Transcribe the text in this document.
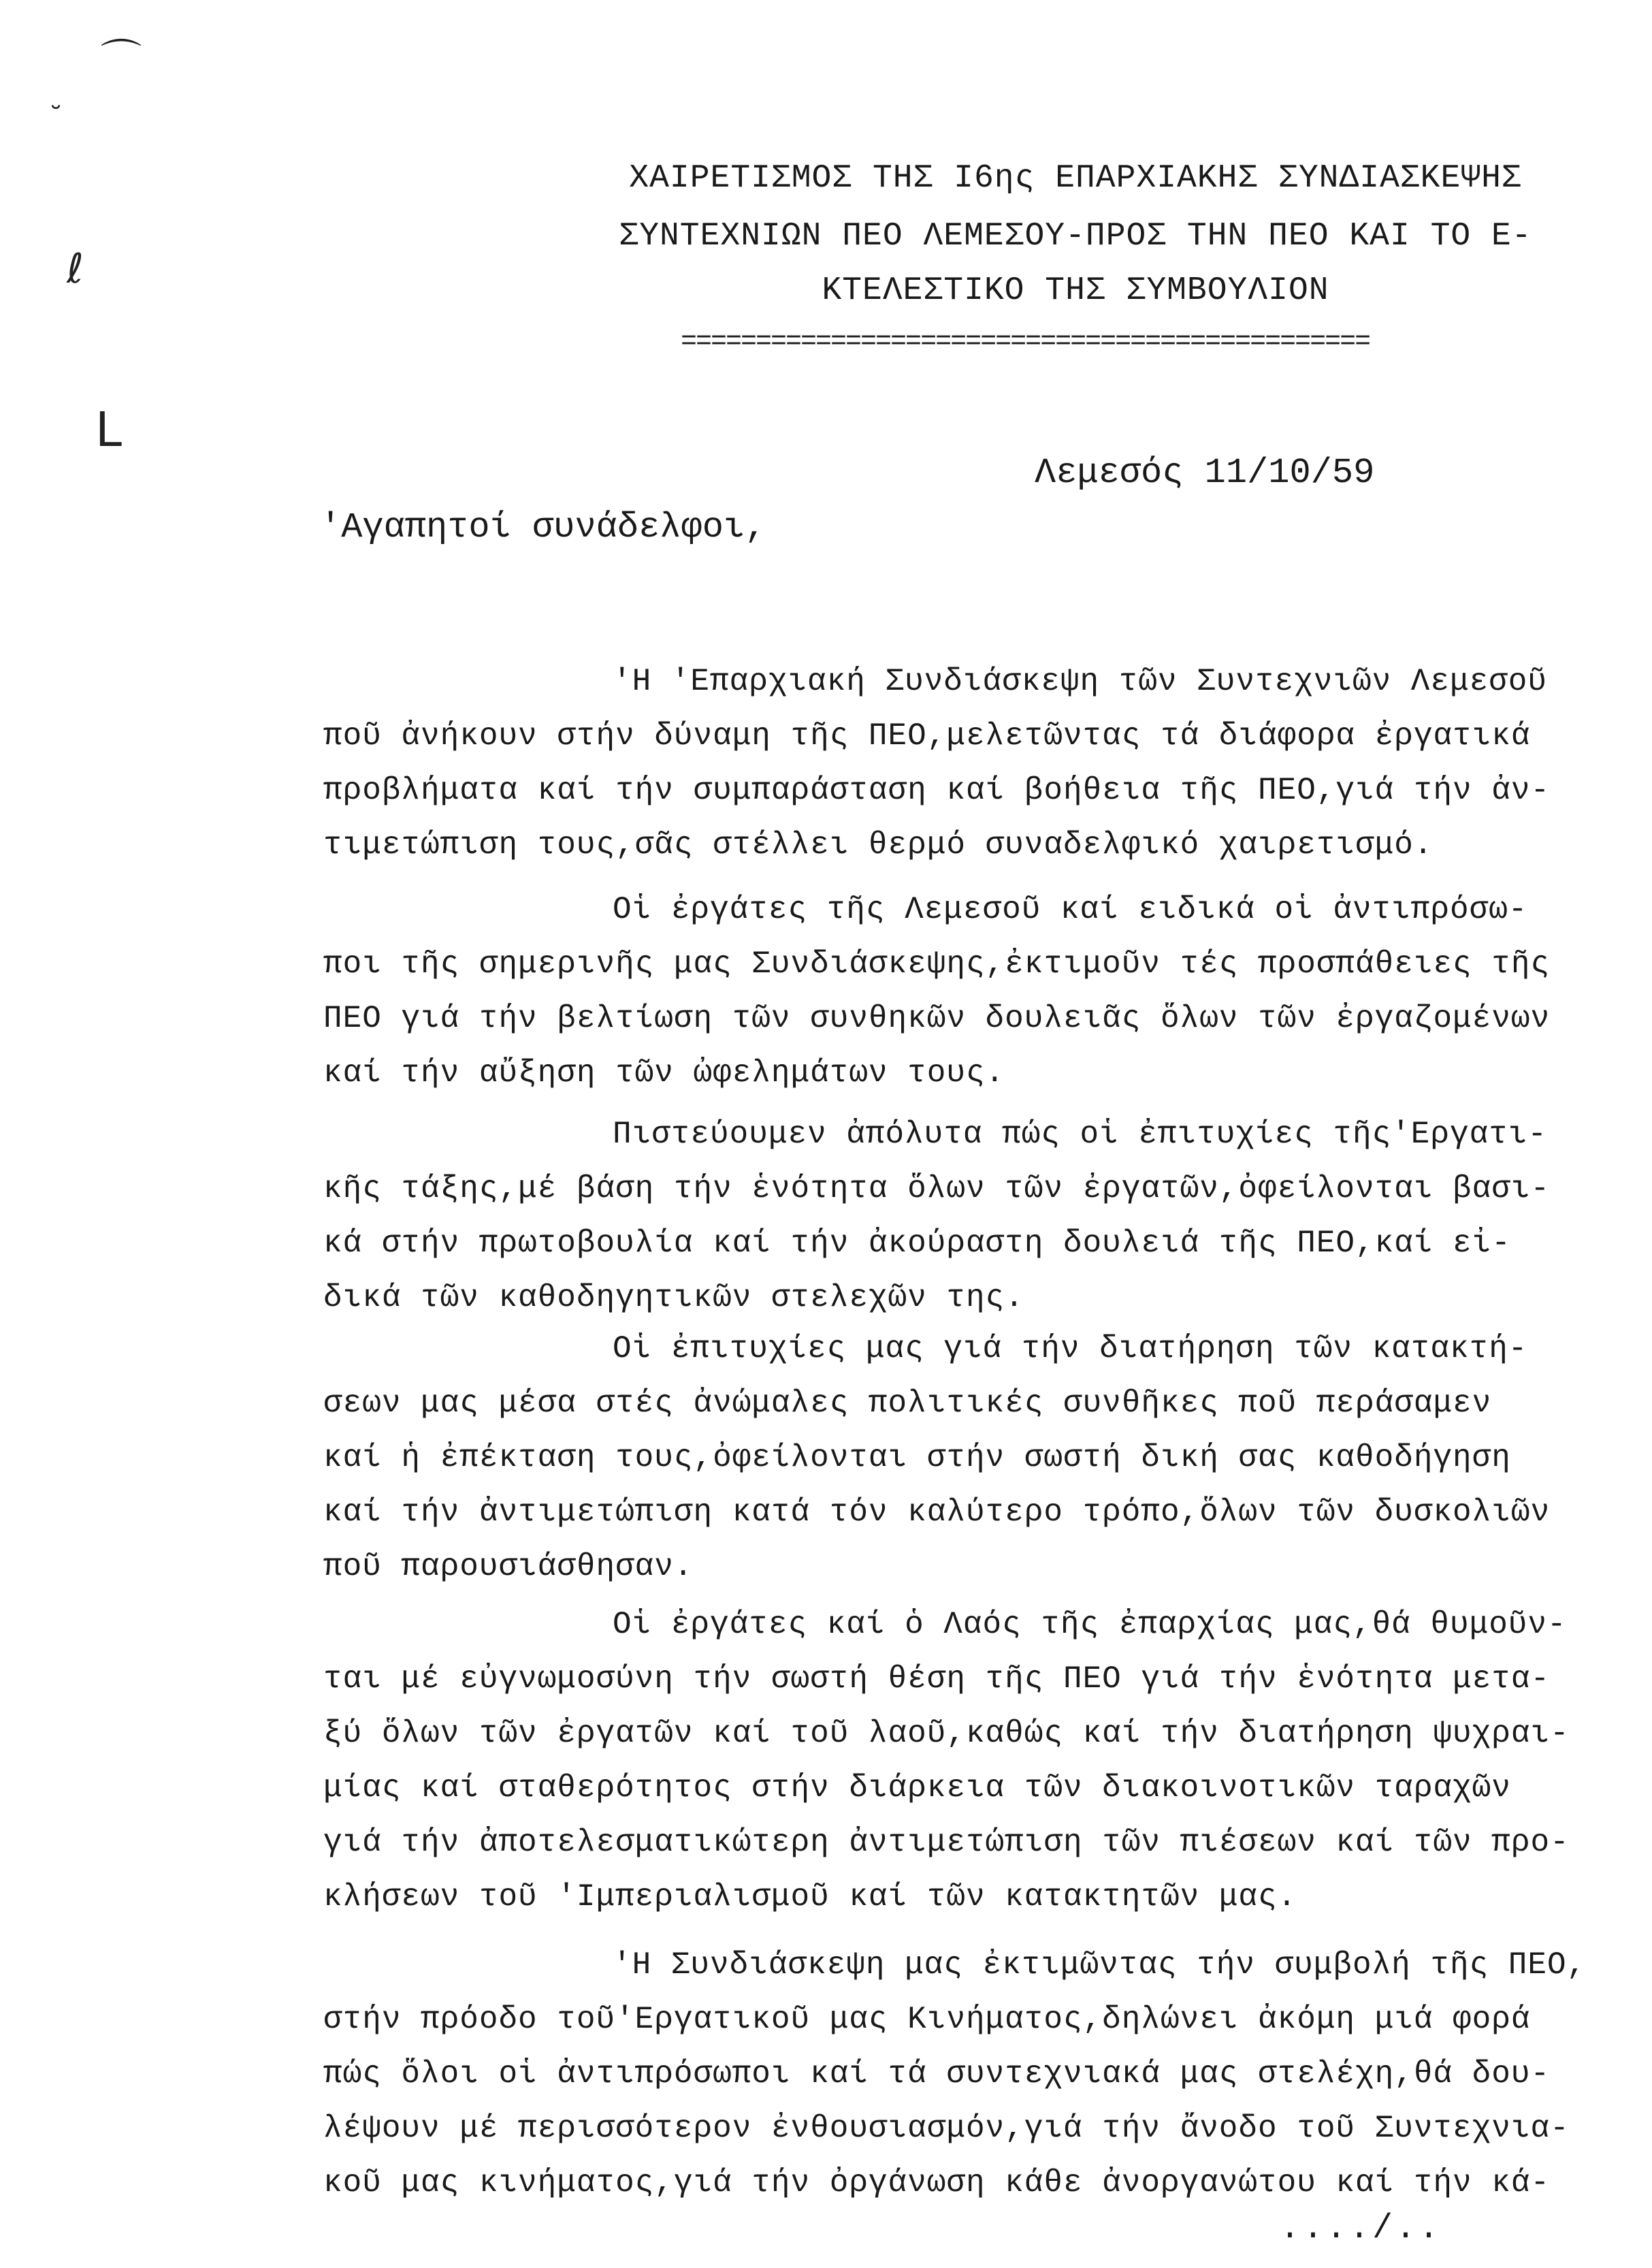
⌒
˘
ℓ
ᒪ
ΧΑΙΡΕΤΙΣΜΟΣ ΤΗΣ Ι6ης ΕΠΑΡΧΙΑΚΗΣ ΣΥΝΔΙΑΣΚΕΨΗΣ
ΣΥΝΤΕΧΝΙΩΝ ΠΕΟ ΛΕΜΕΣΟΥ-ΠΡΟΣ ΤΗΝ ΠΕΟ ΚΑΙ ΤΟ Ε-
ΚΤΕΛΕΣΤΙΚΟ ΤΗΣ ΣΥΜΒΟΥΛΙΟΝ
==============================================
Λεμεσός 11/10/59
'Αγαπητοί συνάδελφοι,
'Η 'Επαρχιακή Συνδιάσκεψη τῶν Συντεχνιῶν Λεμεσοῦ
ποῦ ἀνήκουν στήν δύναμη τῆς ΠΕΟ,μελετῶντας τά διάφορα ἐργατικά
προβλήματα καί τήν συμπαράσταση καί βοήθεια τῆς ΠΕΟ,γιά τήν ἀν-
τιμετώπιση τους,σᾶς στέλλει θερμό συναδελφικό χαιρετισμό.
Οἱ ἐργάτες τῆς Λεμεσοῦ καί ειδικά οἱ ἀντιπρόσω-
ποι τῆς σημερινῆς μας Συνδιάσκεψης,ἐκτιμοῦν τές προσπάθειες τῆς
ΠΕΟ γιά τήν βελτίωση τῶν συνθηκῶν δουλειᾶς ὅλων τῶν ἐργαζομένων
καί τήν αὔξηση τῶν ὠφελημάτων τους.
Πιστεύουμεν ἀπόλυτα πώς οἱ ἐπιτυχίες τῆς'Εργατι-
κῆς τάξης,μέ βάση τήν ἑνότητα ὅλων τῶν ἐργατῶν,ὀφείλονται βασι-
κά στήν πρωτοβουλία καί τήν ἀκούραστη δουλειά τῆς ΠΕΟ,καί εἰ-
δικά τῶν καθοδηγητικῶν στελεχῶν της.
Οἱ ἐπιτυχίες μας γιά τήν διατήρηση τῶν κατακτή-
σεων μας μέσα στές ἀνώμαλες πολιτικές συνθῆκες ποῦ περάσαμεν
καί ἡ ἐπέκταση τους,ὀφείλονται στήν σωστή δική σας καθοδήγηση
καί τήν ἀντιμετώπιση κατά τόν καλύτερο τρόπο,ὅλων τῶν δυσκολιῶν
ποῦ παρουσιάσθησαν.
Οἱ ἐργάτες καί ὁ Λαός τῆς ἐπαρχίας μας,θά θυμοῦν-
ται μέ εὐγνωμοσύνη τήν σωστή θέση τῆς ΠΕΟ γιά τήν ἑνότητα μετα-
ξύ ὅλων τῶν ἐργατῶν καί τοῦ λαοῦ,καθώς καί τήν διατήρηση ψυχραι-
μίας καί σταθερότητος στήν διάρκεια τῶν διακοινοτικῶν ταραχῶν
γιά τήν ἀποτελεσματικώτερη ἀντιμετώπιση τῶν πιέσεων καί τῶν προ-
κλήσεων τοῦ 'Ιμπεριαλισμοῦ καί τῶν κατακτητῶν μας.
'Η Συνδιάσκεψη μας ἐκτιμῶντας τήν συμβολή τῆς ΠΕΟ,
στήν πρόοδο τοῦ'Εργατικοῦ μας Κινήματος,δηλώνει ἀκόμη μιά φορά
πώς ὅλοι οἱ ἀντιπρόσωποι καί τά συντεχνιακά μας στελέχη,θά δου-
λέψουν μέ περισσότερον ἐνθουσιασμόν,γιά τήν ἄνοδο τοῦ Συντεχνια-
κοῦ μας κινήματος,γιά τήν ὀργάνωση κάθε ἀνοργανώτου καί τήν κά-
..../..
